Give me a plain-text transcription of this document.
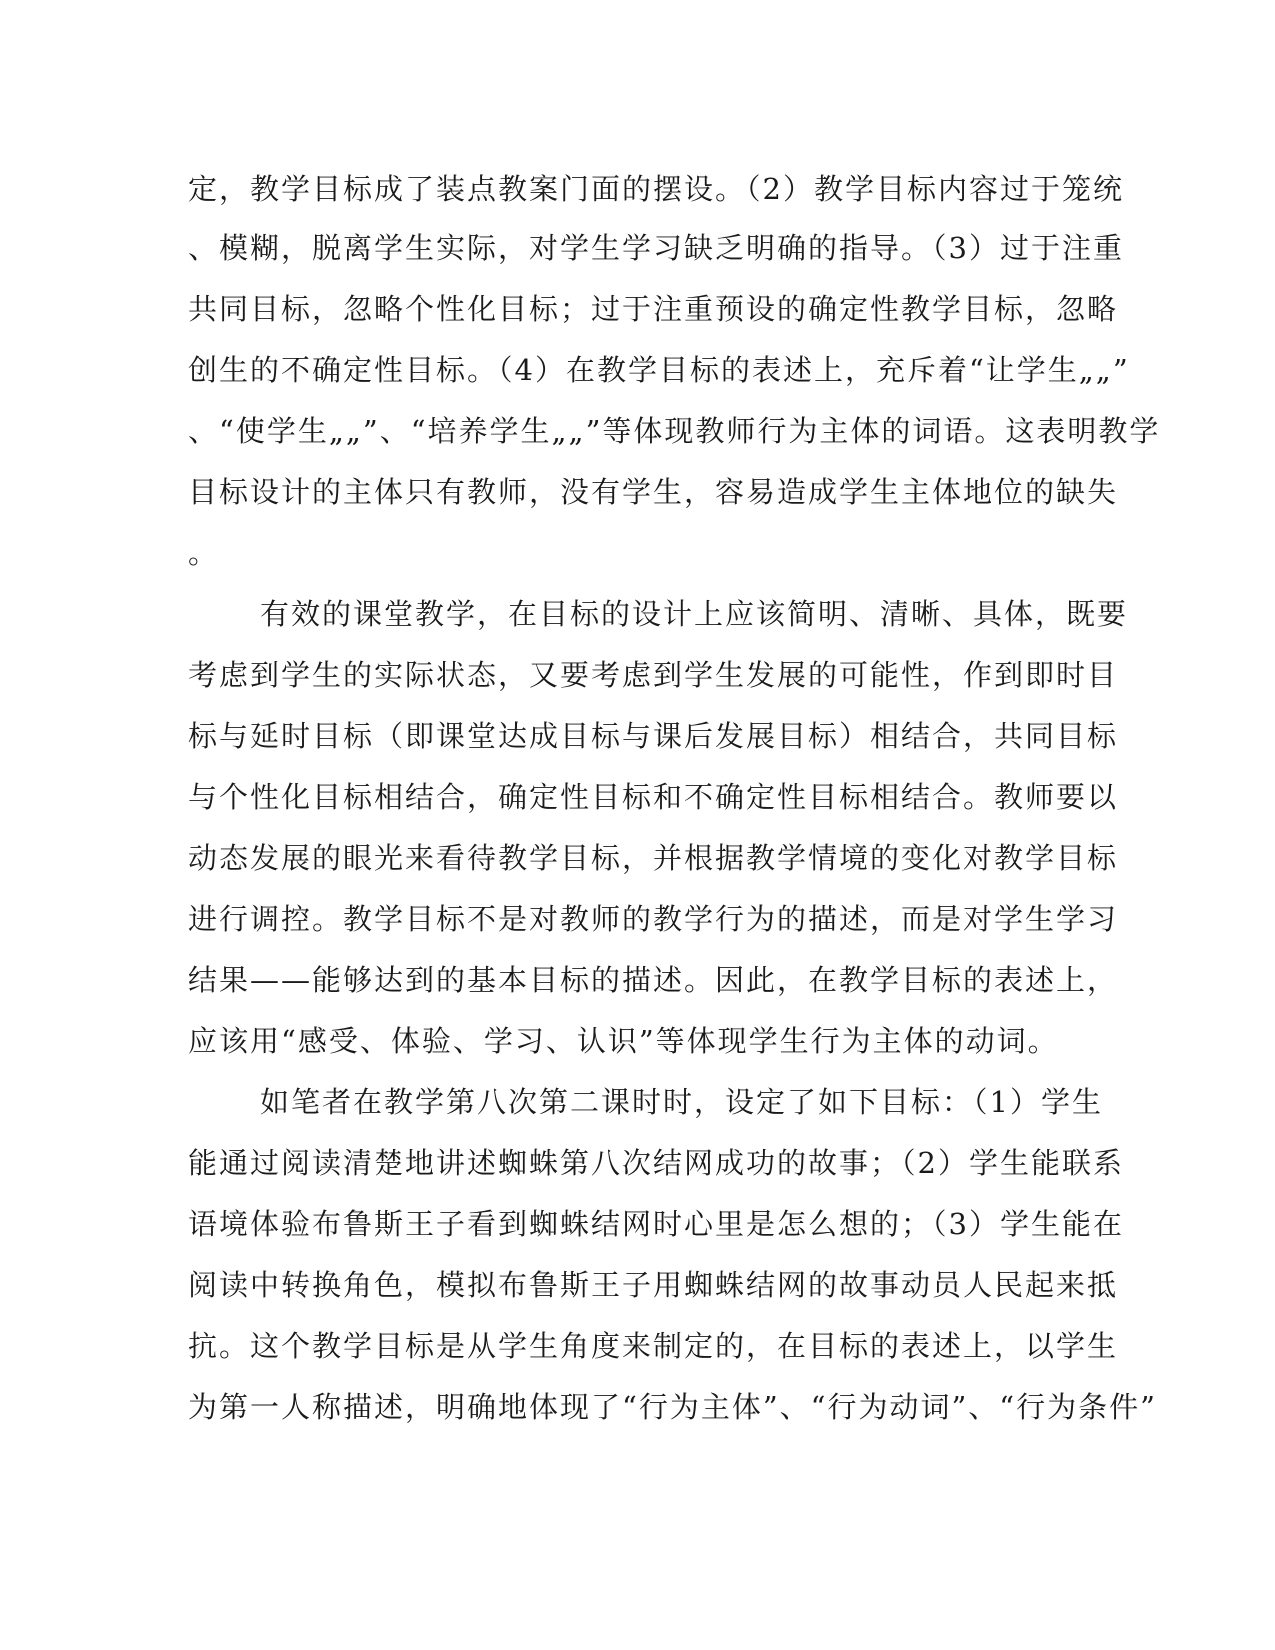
定，教学目标成了装点教案门面的摆设。（2）教学目标内容过于笼统
、模糊，脱离学生实际，对学生学习缺乏明确的指导。（3）过于注重
共同目标，忽略个性化目标；过于注重预设的确定性教学目标，忽略
创生的不确定性目标。（4）在教学目标的表述上，充斥着“让学生„„”
、“使学生„„”、“培养学生„„”等体现教师行为主体的词语。这表明教学
目标设计的主体只有教师，没有学生，容易造成学生主体地位的缺失
。
有效的课堂教学，在目标的设计上应该简明、清晰、具体，既要
考虑到学生的实际状态，又要考虑到学生发展的可能性，作到即时目
标与延时目标（即课堂达成目标与课后发展目标）相结合，共同目标
与个性化目标相结合，确定性目标和不确定性目标相结合。教师要以
动态发展的眼光来看待教学目标，并根据教学情境的变化对教学目标
进行调控。教学目标不是对教师的教学行为的描述，而是对学生学习
结果——能够达到的基本目标的描述。因此，在教学目标的表述上，
应该用“感受、体验、学习、认识”等体现学生行为主体的动词。
如笔者在教学第八次第二课时时，设定了如下目标：（1）学生
能通过阅读清楚地讲述蜘蛛第八次结网成功的故事；（2）学生能联系
语境体验布鲁斯王子看到蜘蛛结网时心里是怎么想的；（3）学生能在
阅读中转换角色，模拟布鲁斯王子用蜘蛛结网的故事动员人民起来抵
抗。这个教学目标是从学生角度来制定的，在目标的表述上，以学生
为第一人称描述，明确地体现了“行为主体”、“行为动词”、“行为条件”
